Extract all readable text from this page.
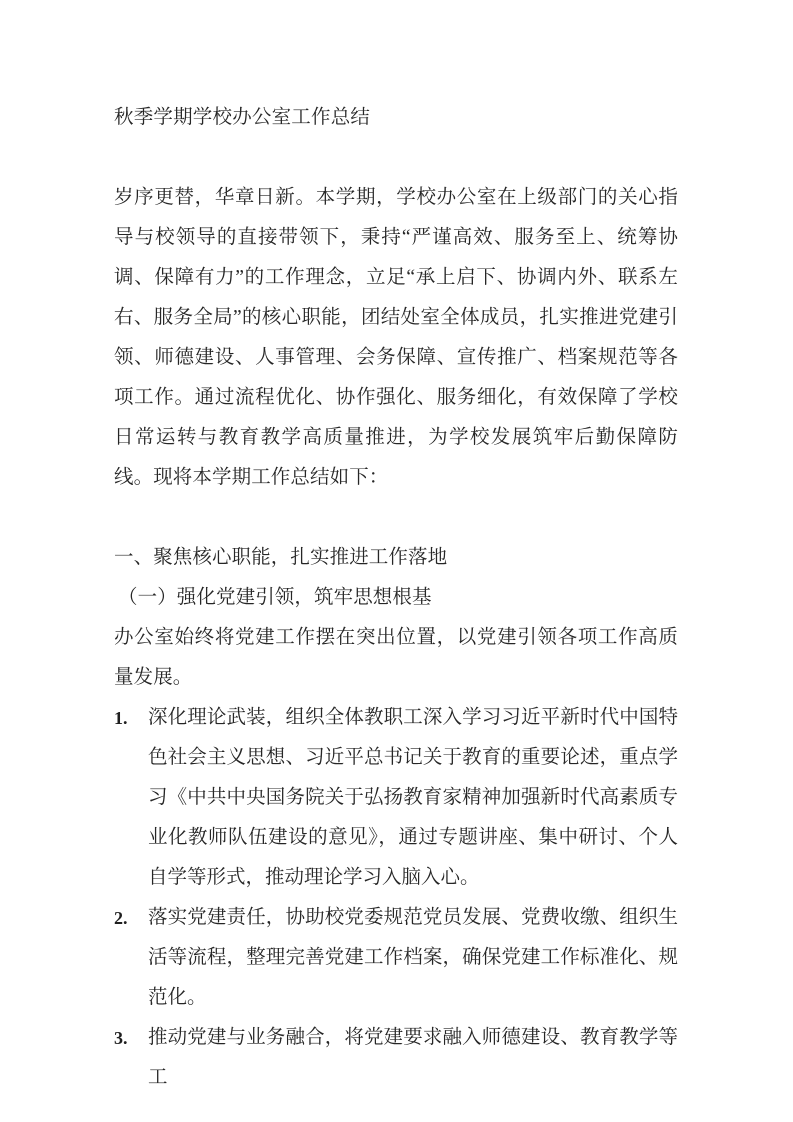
秋季学期学校办公室工作总结

岁序更替，华章日新。本学期，学校办公室在上级部门的关心指导与校领导的直接带领下，秉持“严谨高效、服务至上、统筹协调、保障有力”的工作理念，立足“承上启下、协调内外、联系左右、服务全局”的核心职能，团结处室全体成员，扎实推进党建引领、师德建设、人事管理、会务保障、宣传推广、档案规范等各项工作。通过流程优化、协作强化、服务细化，有效保障了学校日常运转与教育教学高质量推进，为学校发展筑牢后勤保障防线。现将本学期工作总结如下：

一、聚焦核心职能，扎实推进工作落地
（一）强化党建引领，筑牢思想根基

办公室始终将党建工作摆在突出位置，以党建引领各项工作高质量发展。

1.	深化理论武装，组织全体教职工深入学习习近平新时代中国特色社会主义思想、习近平总书记关于教育的重要论述，重点学习《中共中央国务院关于弘扬教育家精神加强新时代高素质专业化教师队伍建设的意见》，通过专题讲座、集中研讨、个人自学等形式，推动理论学习入脑入心。
2.	落实党建责任，协助校党委规范党员发展、党费收缴、组织生活等流程，整理完善党建工作档案，确保党建工作标准化、规范化。
3.	推动党建与业务融合，将党建要求融入师德建设、教育教学等工
